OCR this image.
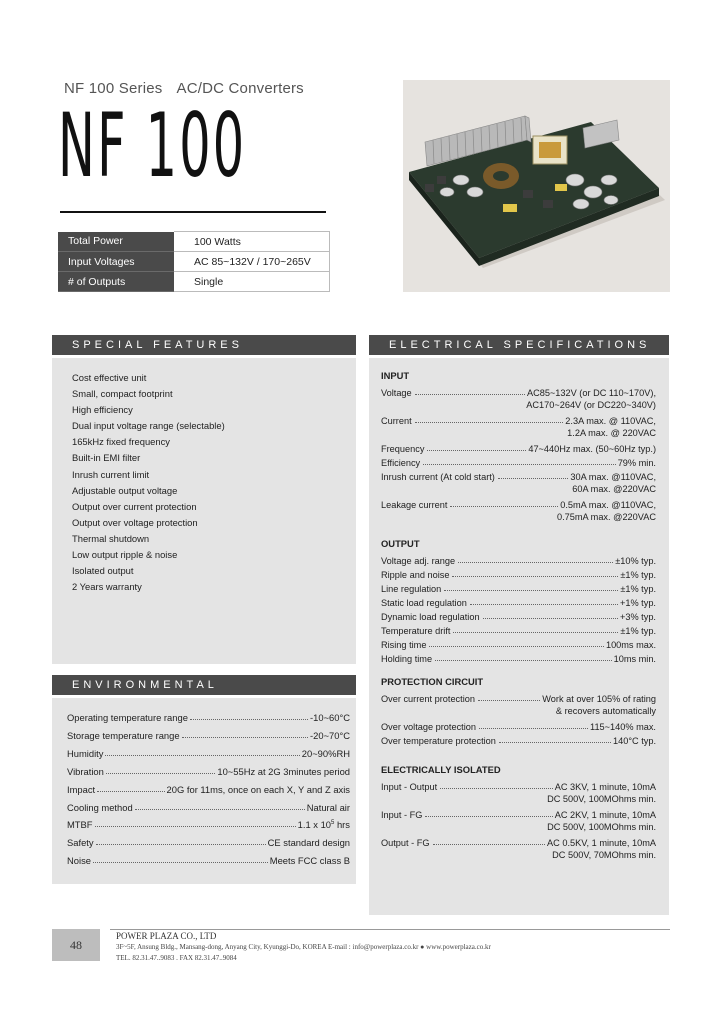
NF 100 Series AC/DC Converters
NF 100
Total Power	100 Watts
Input Voltages	AC 85~132V / 170~265V
# of Outputs	Single
SPECIAL FEATURES
Cost effective unit
Small, compact footprint
High efficiency
Dual input voltage range (selectable)
165kHz fixed frequency
Built-in EMI filter
Inrush current limit
Adjustable output voltage
Output over current protection
Output over voltage protection
Thermal shutdown
Low output ripple & noise
Isolated output
2 Years warranty
ENVIRONMENTAL
Operating temperature range	-10~60°C
Storage temperature range	-20~70°C
Humidity	20~90%RH
Vibration	10~55Hz at 2G 3minutes period
Impact	20G for 11ms, once on each X, Y and Z axis
Cooling method	Natural air
MTBF	1.1 x $10^5$ hrs
Safety	CE standard design
Noise	Meets FCC class B
ELECTRICAL SPECIFICATIONS
INPUT
Voltage	AC85~132V (or DC 110~170V),
AC170~264V (or DC220~340V)
Current	2.3A max. @ 110VAC,
1.2A max. @ 220VAC
Frequency	47~440Hz max. (50~60Hz typ.)
Efficiency	79% min.
Inrush current (At cold start)	30A max. @110VAC,
60A max. @220VAC
Leakage current	0.5mA max. @110VAC,
0.75mA max. @220VAC
OUTPUT
Voltage adj. range	±10% typ.
Ripple and noise	±1% typ.
Line regulation	±1% typ.
Static load regulation	+1% typ.
Dynamic load regulation	+3% typ.
Temperature drift	±1% typ.
Rising time	100ms max.
Holding time	10ms min.
PROTECTION CIRCUIT
Over current protection	Work at over 105% of rating
& recovers automatically
Over voltage protection	115~140% max.
Over temperature protection	140°C typ.
ELECTRICALLY ISOLATED
Input - Output	AC 3KV, 1 minute, 10mA
DC 500V, 100MOhms min.
Input - FG	AC 2KV, 1 minute, 10mA
DC 500V, 100MOhms min.
Output - FG	AC 0.5KV, 1 minute, 10mA
DC 500V, 70MOhms min.
48
POWER PLAZA CO., LTD
3F~5F, Ansung Bldg., Mansang-dong, Anyang City, Kyunggi-Do, KOREA E-mail : info@powerplaza.co.kr ● www.powerplaza.co.kr
TEL. 82.31.47..9083 . FAX 82.31.47..9084
